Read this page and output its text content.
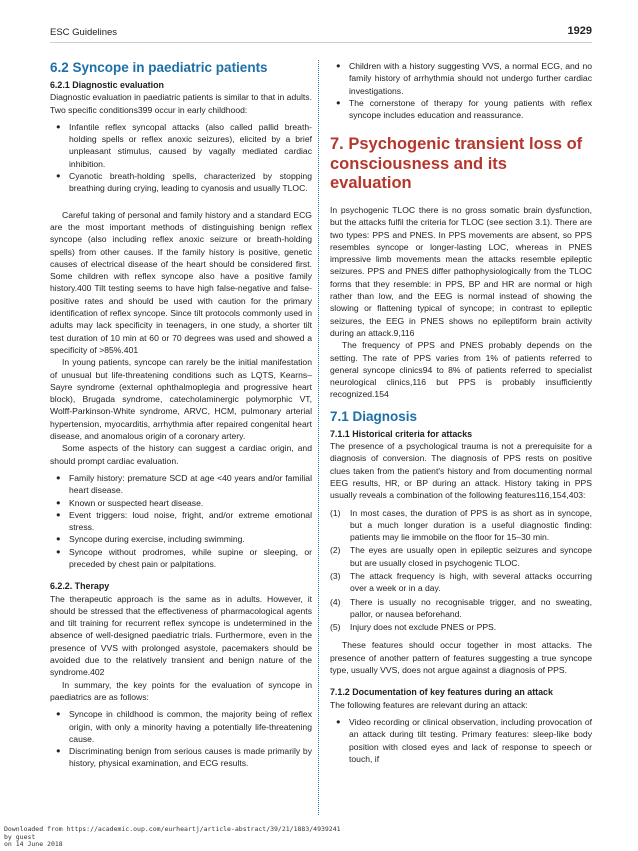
ESC Guidelines	1929
6.2 Syncope in paediatric patients
6.2.1 Diagnostic evaluation

Diagnostic evaluation in paediatric patients is similar to that in adults. Two specific conditions399 occur in early childhood:

● Infantile reflex syncopal attacks (also called pallid breath-holding spells or reflex anoxic seizures), elicited by a brief unpleasant stimulus, caused by vagally mediated cardiac inhibition.
● Cyanotic breath-holding spells, characterized by stopping breathing during crying, leading to cyanosis and usually TLOC.

Careful taking of personal and family history and a standard ECG are the most important methods of distinguishing benign reflex syncope (also including reflex anoxic seizure or breath-holding spells) from other causes. If the family history is positive, genetic causes of electrical disease of the heart should be considered first. Some children with reflex syncope also have a positive family history.400 Tilt testing seems to have high false-negative and false-positive rates and should be used with caution for the primary identification of reflex syncope. Since tilt protocols commonly used in adults may lack specificity in teenagers, in one study, a shorter tilt test duration of 10 min at 60 or 70 degrees was used and showed a specificity of >85%.401

In young patients, syncope can rarely be the initial manifestation of unusual but life-threatening conditions such as LQTS, Kearns–Sayre syndrome (external ophthalmoplegia and progressive heart block), Brugada syndrome, catecholaminergic polymorphic VT, Wolff-Parkinson-White syndrome, ARVC, HCM, pulmonary arterial hypertension, myocarditis, arrhythmia after repaired congenital heart disease, and anomalous origin of a coronary artery.

Some aspects of the history can suggest a cardiac origin, and should prompt cardiac evaluation.

● Family history: premature SCD at age <40 years and/or familial heart disease.
● Known or suspected heart disease.
● Event triggers: loud noise, fright, and/or extreme emotional stress.
● Syncope during exercise, including swimming.
● Syncope without prodromes, while supine or sleeping, or preceded by chest pain or palpitations.
6.2.2. Therapy

The therapeutic approach is the same as in adults. However, it should be stressed that the effectiveness of pharmacological agents and tilt training for recurrent reflex syncope is undetermined in the absence of well-designed paediatric trials. Furthermore, even in the presence of VVS with prolonged asystole, pacemakers should be avoided due to the relatively transient and benign nature of the syndrome.402

In summary, the key points for the evaluation of syncope in paediatrics are as follows:

● Syncope in childhood is common, the majority being of reflex origin, with only a minority having a potentially life-threatening cause.
● Discriminating benign from serious causes is made primarily by history, physical examination, and ECG results.
● Children with a history suggesting VVS, a normal ECG, and no family history of arrhythmia should not undergo further cardiac investigations.
● The cornerstone of therapy for young patients with reflex syncope includes education and reassurance.
7. Psychogenic transient loss of consciousness and its evaluation

In psychogenic TLOC there is no gross somatic brain dysfunction, but the attacks fulfil the criteria for TLOC (see section 3.1). There are two types: PPS and PNES. In PPS movements are absent, so PPS resembles syncope or longer-lasting LOC, whereas in PNES impressive limb movements mean the attacks resemble epileptic seizures. PPS and PNES differ pathophysiologically from the TLOC forms that they resemble: in PPS, BP and HR are normal or high rather than low, and the EEG is normal instead of showing the slowing or flattening typical of syncope; in contrast to epileptic seizures, the EEG in PNES shows no epileptiform brain activity during an attack.9,116

The frequency of PPS and PNES probably depends on the setting. The rate of PPS varies from 1% of patients referred to general syncope clinics94 to 8% of patients referred to specialist neurological clinics,116 but PPS is probably insufficiently recognized.154

7.1 Diagnosis
7.1.1 Historical criteria for attacks

The presence of a psychological trauma is not a prerequisite for a diagnosis of conversion. The diagnosis of PPS rests on positive clues taken from the patient's history and from documenting normal EEG results, HR, or BP during an attack. History taking in PPS usually reveals a combination of the following features116,154,403:

(1) In most cases, the duration of PPS is as short as in syncope, but a much longer duration is a useful diagnostic finding: patients may lie immobile on the floor for 15–30 min.
(2) The eyes are usually open in epileptic seizures and syncope but are usually closed in psychogenic TLOC.
(3) The attack frequency is high, with several attacks occurring over a week or in a day.
(4) There is usually no recognisable trigger, and no sweating, pallor, or nausea beforehand.
(5) Injury does not exclude PNES or PPS.

These features should occur together in most attacks. The presence of another pattern of features suggesting a true syncope type, usually VVS, does not argue against a diagnosis of PPS.

7.1.2 Documentation of key features during an attack

The following features are relevant during an attack:

● Video recording or clinical observation, including provocation of an attack during tilt testing. Primary features: sleep-like body position with closed eyes and lack of response to speech or touch, if
Downloaded from https://academic.oup.com/eurheartj/article-abstract/39/21/1883/4939241
by guest
on 14 June 2018
